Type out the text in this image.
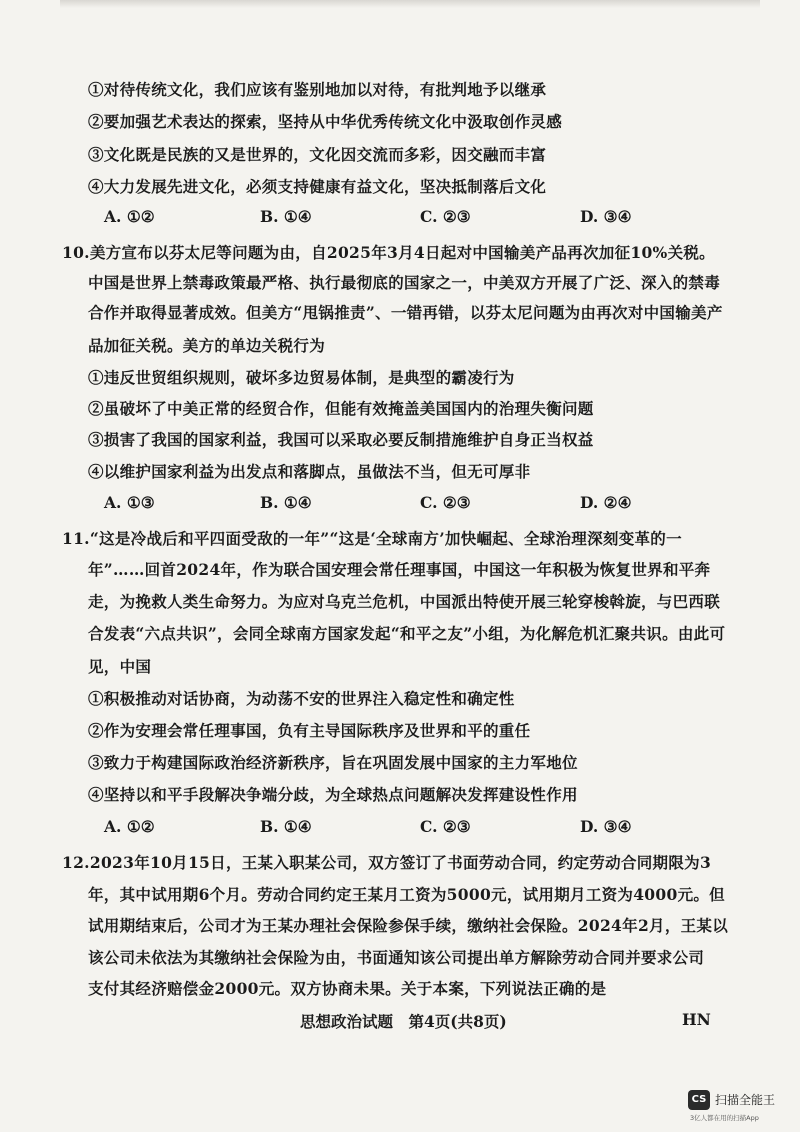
①对待传统文化，我们应该有鉴别地加以对待，有批判地予以继承
②要加强艺术表达的探索，坚持从中华优秀传统文化中汲取创作灵感
③文化既是民族的又是世界的，文化因交流而多彩，因交融而丰富
④大力发展先进文化，必须支持健康有益文化，坚决抵制落后文化
A. ①②	B. ①④	C. ②③	D. ③④
10.美方宣布以芬太尼等问题为由，自2025年3月4日起对中国输美产品再次加征10%关税。
中国是世界上禁毒政策最严格、执行最彻底的国家之一，中美双方开展了广泛、深入的禁毒
合作并取得显著成效。但美方“甩锅推责”、一错再错，以芬太尼问题为由再次对中国输美产
品加征关税。美方的单边关税行为
①违反世贸组织规则，破坏多边贸易体制，是典型的霸凌行为
②虽破坏了中美正常的经贸合作，但能有效掩盖美国国内的治理失衡问题
③损害了我国的国家利益，我国可以采取必要反制措施维护自身正当权益
④以维护国家利益为出发点和落脚点，虽做法不当，但无可厚非
A. ①③	B. ①④	C. ②③	D. ②④
11.“这是冷战后和平四面受敌的一年”“这是‘全球南方’加快崛起、全球治理深刻变革的一
年”……回首2024年，作为联合国安理会常任理事国，中国这一年积极为恢复世界和平奔
走，为挽救人类生命努力。为应对乌克兰危机，中国派出特使开展三轮穿梭斡旋，与巴西联
合发表“六点共识”，会同全球南方国家发起“和平之友”小组，为化解危机汇聚共识。由此可
见，中国
①积极推动对话协商，为动荡不安的世界注入稳定性和确定性
②作为安理会常任理事国，负有主导国际秩序及世界和平的重任
③致力于构建国际政治经济新秩序，旨在巩固发展中国家的主力军地位
④坚持以和平手段解决争端分歧，为全球热点问题解决发挥建设性作用
A. ①②	B. ①④	C. ②③	D. ③④
12.2023年10月15日，王某入职某公司，双方签订了书面劳动合同，约定劳动合同期限为3
年，其中试用期6个月。劳动合同约定王某月工资为5000元，试用期月工资为4000元。但
试用期结束后，公司才为王某办理社会保险参保手续，缴纳社会保险。2024年2月，王某以
该公司未依法为其缴纳社会保险为由，书面通知该公司提出单方解除劳动合同并要求公司
支付其经济赔偿金2000元。双方协商未果。关于本案，下列说法正确的是
思想政治试题　第4页(共8页)	HN
CS 扫描全能王
3亿人都在用的扫描App
